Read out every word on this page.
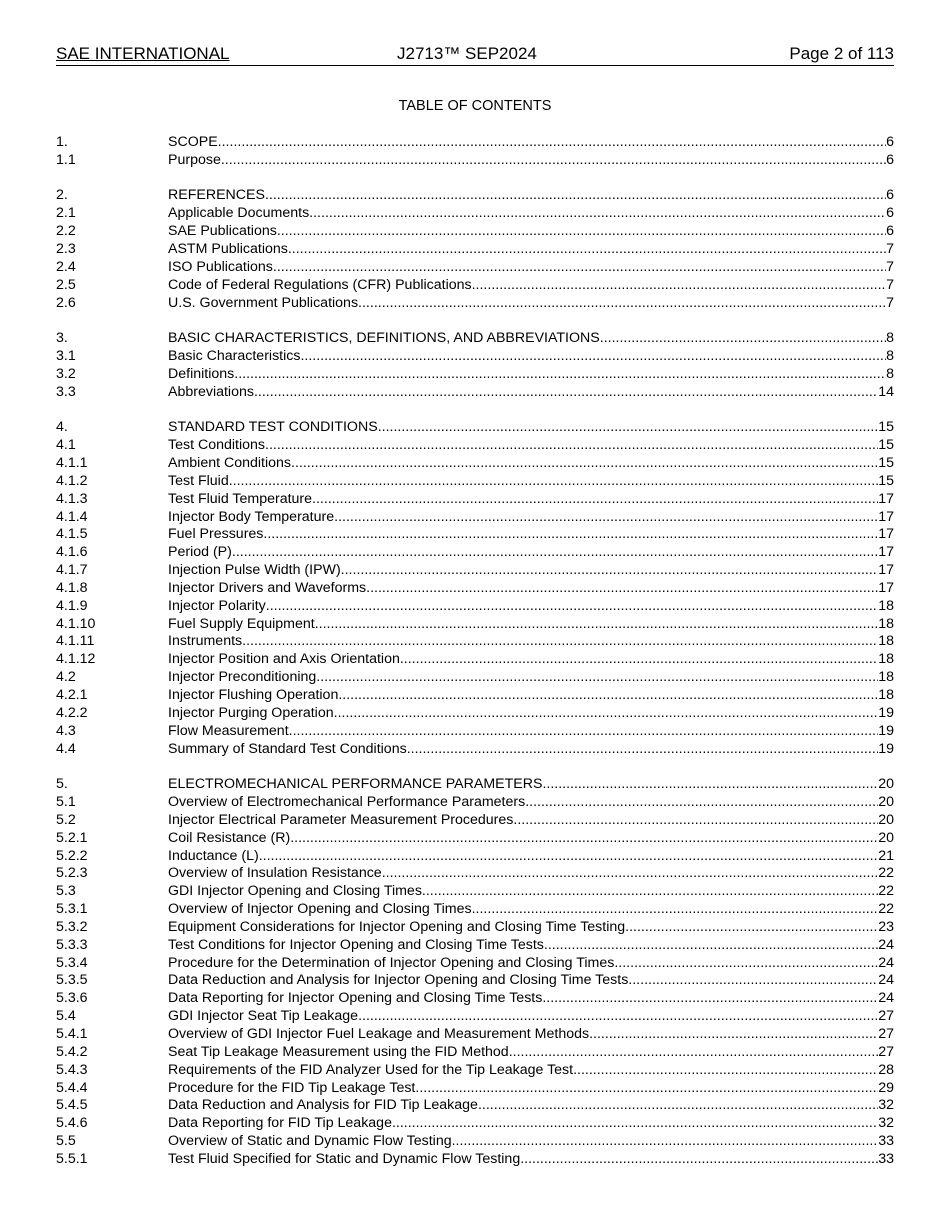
SAE INTERNATIONAL	J2713™ SEP2024	Page 2 of 113
TABLE OF CONTENTS
1.	SCOPE .....	6
1.1	Purpose .....	6
2.	REFERENCES .....	6
2.1	Applicable Documents .....	6
2.2	SAE Publications .....	6
2.3	ASTM Publications .....	7
2.4	ISO Publications .....	7
2.5	Code of Federal Regulations (CFR) Publications .....	7
2.6	U.S. Government Publications .....	7
3.	BASIC CHARACTERISTICS, DEFINITIONS, AND ABBREVIATIONS .....	8
3.1	Basic Characteristics .....	8
3.2	Definitions .....	8
3.3	Abbreviations .....	14
4.	STANDARD TEST CONDITIONS .....	15
4.1	Test Conditions .....	15
4.1.1	Ambient Conditions .....	15
4.1.2	Test Fluid .....	15
4.1.3	Test Fluid Temperature .....	17
4.1.4	Injector Body Temperature .....	17
4.1.5	Fuel Pressures .....	17
4.1.6	Period (P) .....	17
4.1.7	Injection Pulse Width (IPW) .....	17
4.1.8	Injector Drivers and Waveforms .....	17
4.1.9	Injector Polarity .....	18
4.1.10	Fuel Supply Equipment .....	18
4.1.11	Instruments .....	18
4.1.12	Injector Position and Axis Orientation .....	18
4.2	Injector Preconditioning .....	18
4.2.1	Injector Flushing Operation .....	18
4.2.2	Injector Purging Operation .....	19
4.3	Flow Measurement .....	19
4.4	Summary of Standard Test Conditions .....	19
5.	ELECTROMECHANICAL PERFORMANCE PARAMETERS .....	20
5.1	Overview of Electromechanical Performance Parameters .....	20
5.2	Injector Electrical Parameter Measurement Procedures .....	20
5.2.1	Coil Resistance (R) .....	20
5.2.2	Inductance (L) .....	21
5.2.3	Overview of Insulation Resistance .....	22
5.3	GDI Injector Opening and Closing Times .....	22
5.3.1	Overview of Injector Opening and Closing Times .....	22
5.3.2	Equipment Considerations for Injector Opening and Closing Time Testing .....	23
5.3.3	Test Conditions for Injector Opening and Closing Time Tests .....	24
5.3.4	Procedure for the Determination of Injector Opening and Closing Times .....	24
5.3.5	Data Reduction and Analysis for Injector Opening and Closing Time Tests .....	24
5.3.6	Data Reporting for Injector Opening and Closing Time Tests .....	24
5.4	GDI Injector Seat Tip Leakage .....	27
5.4.1	Overview of GDI Injector Fuel Leakage and Measurement Methods .....	27
5.4.2	Seat Tip Leakage Measurement using the FID Method .....	27
5.4.3	Requirements of the FID Analyzer Used for the Tip Leakage Test .....	28
5.4.4	Procedure for the FID Tip Leakage Test .....	29
5.4.5	Data Reduction and Analysis for FID Tip Leakage .....	32
5.4.6	Data Reporting for FID Tip Leakage .....	32
5.5	Overview of Static and Dynamic Flow Testing .....	33
5.5.1	Test Fluid Specified for Static and Dynamic Flow Testing .....	33
